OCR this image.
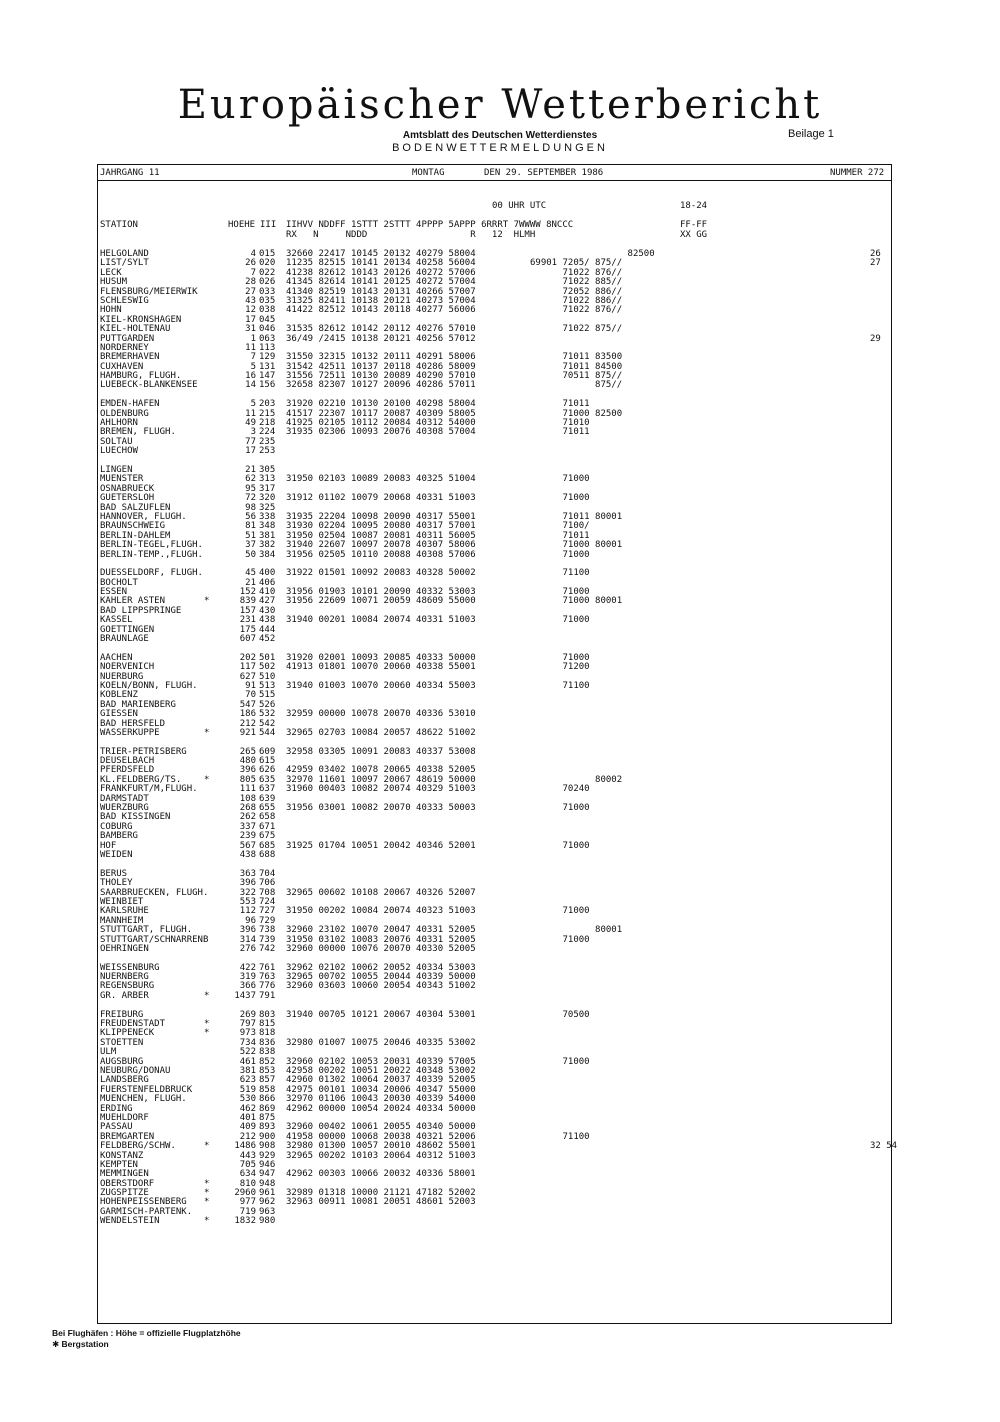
Europäischer Wetterbericht
Amtsblatt des Deutschen Wetterdienstes	Beilage 1
BODENWETTERMELDUNGEN
JAHRGANG 11	MONTAG	DEN 29. SEPTEMBER 1986	NUMMER 272
00 UHR UTC	18-24
STATION	HOEHE III IIHVV NDDFF 1STTT 2STTT 4PPPP 5APPP 6RRRT 7WWWW 8NCCC
RX   N     NDDD                   R   12  HLMH
FF-FF
XX GG
HELGOLAND	4 015 32660 22417 10145 20132 40279 58004	82500	26
LIST/SYLT	26 020 11235 82515 10141 20134 40258 56004	69901 7205/ 875//	27
LECK	7 022 41238 82612 10143 20126 40272 57006	71022 876//
HUSUM	28 026 41345 82614 10141 20125 40272 57004	71022 885//
FLENSBURG/MEIERWIK	27 033 41340 82519 10143 20131 40266 57007	72052 886//
SCHLESWIG	43 035 31325 82411 10138 20121 40273 57004	71022 886//
HOHN	12 038 41422 82512 10143 20118 40277 56006	71022 876//
KIEL-KRONSHAGEN	17 045
KIEL-HOLTENAU	31 046 31535 82612 10142 20112 40276 57010	71022 875//
PUTTGARDEN	1 063 36/49 /2415 10138 20121 40256 57012	29
NORDERNEY	11 113
BREMERHAVEN	7 129 31550 32315 10132 20111 40291 58006	71011 83500
CUXHAVEN	5 131 31542 42511 10137 20118 40286 58009	71011 84500
HAMBURG, FLUGH.	16 147 31556 72511 10130 20089 40290 57010	70511 875//
LUEBECK-BLANKENSEE	14 156 32658 82307 10127 20096 40286 57011	875//
EMDEN-HAFEN	5 203 31920 02210 10130 20100 40298 58004	71011
OLDENBURG	11 215 41517 22307 10117 20087 40309 58005	71000 82500
AHLHORN	49 218 41925 02105 10112 20084 40312 54000	71010
BREMEN, FLUGH.	3 224 31935 02306 10093 20076 40308 57004	71011
SOLTAU	77 235
LUECHOW	17 253
LINGEN	21 305
MUENSTER	62 313 31950 02103 10089 20083 40325 51004	71000
OSNABRUECK	95 317
GUETERSLOH	72 320 31912 01102 10079 20068 40331 51003	71000
BAD SALZUFLEN	98 325
HANNOVER, FLUGH.	56 338 31935 22204 10098 20090 40317 55001	71011 80001
BRAUNSCHWEIG	81 348 31930 02204 10095 20080 40317 57001	7100/
BERLIN-DAHLEM	51 381 31950 02504 10087 20081 40311 56005	71011
BERLIN-TEGEL,FLUGH.	37 382 31940 22607 10097 20078 40307 58006	71000 80001
BERLIN-TEMP.,FLUGH.	50 384 31956 02505 10110 20088 40308 57006	71000
DUESSELDORF, FLUGH.	45 400 31922 01501 10092 20083 40328 50002	71100
BOCHOLT	21 406
ESSEN	152 410 31956 01903 10101 20090 40332 53003	71000
KAHLER ASTEN	*	839 427 31956 22609 10071 20059 48609 55000	71000 80001
BAD LIPPSPRINGE	157 430
KASSEL	231 438 31940 00201 10084 20074 40331 51003	71000
GOETTINGEN	175 444
BRAUNLAGE	607 452
AACHEN	202 501 31920 02001 10093 20085 40333 50000	71000
NOERVENICH	117 502 41913 01801 10070 20060 40338 55001	71200
NUERBURG	627 510
KOELN/BONN, FLUGH.	91 513 31940 01003 10070 20060 40334 55003	71100
KOBLENZ	70 515
BAD MARIENBERG	547 526
GIESSEN	186 532 32959 00000 10078 20070 40336 53010
BAD HERSFELD	212 542
WASSERKUPPE	*	921 544 32965 02703 10084 20057 48622 51002
TRIER-PETRISBERG	265 609 32958 03305 10091 20083 40337 53008
DEUSELBACH	480 615
PFERDSFELD	396 626 42959 03402 10078 20065 40338 52005
KL.FELDBERG/TS.	*	805 635 32970 11601 10097 20067 48619 50000	80002
FRANKFURT/M,FLUGH.	111 637 31960 00403 10082 20074 40329 51003	70240
DARMSTADT	108 639
WUERZBURG	268 655 31956 03001 10082 20070 40333 50003	71000
BAD KISSINGEN	262 658
COBURG	337 671
BAMBERG	239 675
HOF	567 685 31925 01704 10051 20042 40346 52001	71000
WEIDEN	438 688
BERUS	363 704
THOLEY	396 706
SAARBRUECKEN, FLUGH.	322 708 32965 00602 10108 20067 40326 52007
WEINBIET	553 724
KARLSRUHE	112 727 31950 00202 10084 20074 40323 51003	71000
MANNHEIM	96 729
STUTTGART, FLUGH.	396 738 32960 23102 10070 20047 40331 52005	80001
STUTTGART/SCHNARRENB	314 739 31950 03102 10083 20076 40331 52005	71000
OEHRINGEN	276 742 32960 00000 10076 20070 40330 52005
WEISSENBURG	422 761 32962 02102 10062 20052 40334 53003
NUERNBERG	319 763 32965 00702 10055 20044 40339 50000
REGENSBURG	366 776 32960 03603 10060 20054 40343 51002
GR. ARBER	*	1437 791
FREIBURG	269 803 31940 00705 10121 20067 40304 53001	70500
FREUDENSTADT	*	797 815
KLIPPENECK	*	973 818
STOETTEN	734 836 32980 01007 10075 20046 40335 53002
ULM	522 838
AUGSBURG	461 852 32960 02102 10053 20031 40339 57005	71000
NEUBURG/DONAU	381 853 42958 00202 10051 20022 40348 53002
LANDSBERG	623 857 42960 01302 10064 20037 40339 52005
FUERSTENFELDBRUCK	519 858 42975 00101 10034 20006 40347 55000
MUENCHEN, FLUGH.	530 866 32970 01106 10043 20030 40339 54000
ERDING	462 869 42962 00000 10054 20024 40334 50000
MUEHLDORF	401 875
PASSAU	409 893 32960 00402 10061 20055 40340 50000
BREMGARTEN	212 900 41958 00000 10068 20038 40321 52006	71100
FELDBERG/SCHW.	*	1486 908 32980 01300 10057 20010 48602 55001	32 54
KONSTANZ	443 929 32965 00202 10103 20064 40312 51003
KEMPTEN	705 946
MEMMINGEN	634 947 42962 00303 10066 20032 40336 58001
OBERSTDORF	*	810 948
ZUGSPITZE	*	2960 961 32989 01318 10000 21121 47182 52002
HOHENPEISSENBERG *	977 962 32963 00911 10081 20051 48601 52003
GARMISCH-PARTENK.	719 963
WENDELSTEIN	*	1832 980
Bei Flughäfen : Höhe = offizielle Flugplatzhöhe
✱ Bergstation
